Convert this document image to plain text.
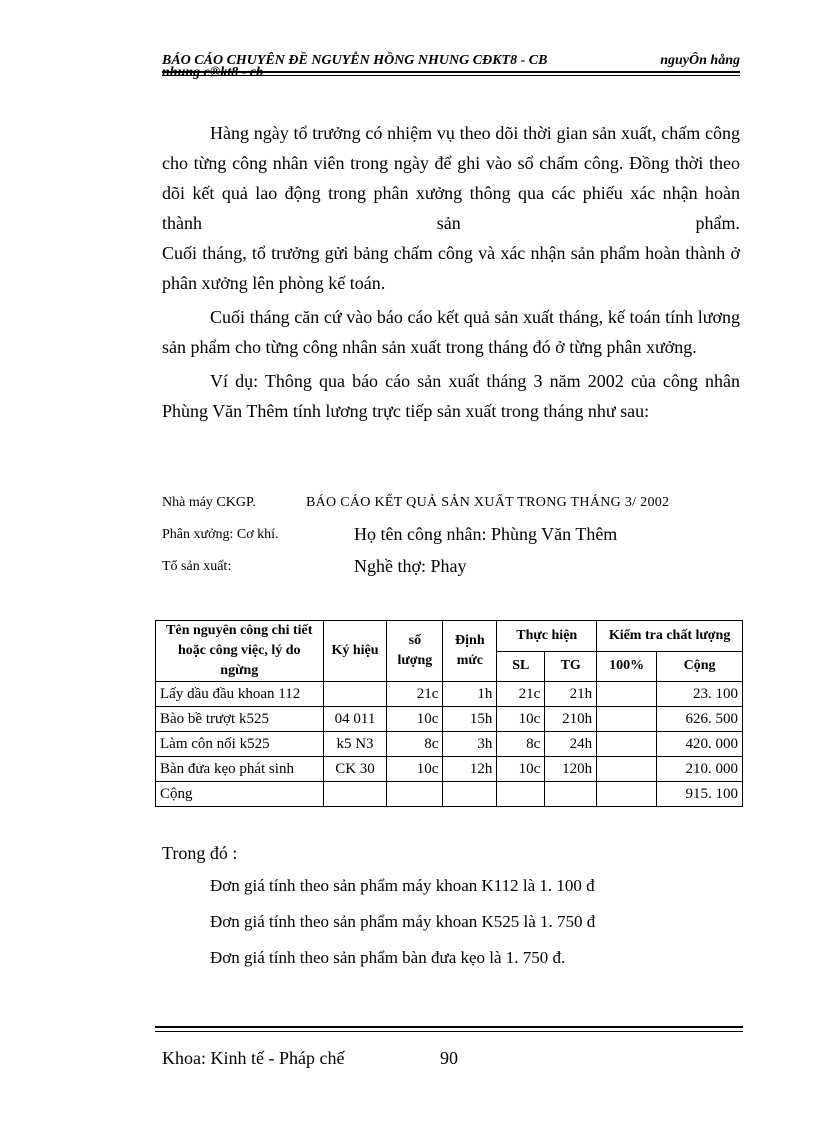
BÁO CÁO CHUYÊN ĐỀ NGUYỄN HỒNG NHUNG CĐKT8 - CB	nguyÔn hång
nhung c®kt8 - cb

Hàng ngày tổ trưởng có nhiệm vụ theo dõi thời gian sản xuất, chấm công cho từng công nhân viên trong ngày để ghi vào sổ chấm công. Đồng thời theo dõi kết quả lao động trong phân xưởng thông qua các phiếu xác nhận hoàn thành sản phẩm.

Cuối tháng, tổ trưởng gửi bảng chấm công và xác nhận sản phẩm hoàn thành ở phân xưởng lên phòng kế toán.

Cuối tháng căn cứ vào báo cáo kết quả sản xuất tháng, kế toán tính lương sản phẩm cho từng công nhân sản xuất trong tháng đó ở từng phân xưởng.

Ví dụ: Thông qua báo cáo sản xuất tháng 3 năm 2002 của công nhân Phùng Văn Thêm tính lương trực tiếp sản xuất trong tháng như sau:

Nhà máy CKGP.	BÁO CÁO KẾT QUẢ SẢN XUẤT TRONG THÁNG 3/ 2002
Phân xưởng: Cơ khí.	Họ tên công nhân: Phùng Văn Thêm
Tổ sản xuất:	Nghề thợ: Phay
Tên nguyên công chi tiết hoặc công việc, lý do ngừng	Ký hiệu	số lượng	Định mức	Thực hiện		Kiểm tra chất lượng	
				SL	TG	100%	Cộng
Lấy dầu đầu khoan 112		21c	1h	21c	21h		23. 100
Bào bề trượt k525	04 011	10c	15h	10c	210h		626. 500
Làm côn nối k525	k5 N3	8c	3h	8c	24h		420. 000
Bàn đưa kẹo phát sinh	CK 30	10c	12h	10c	120h		210. 000
Cộng							915. 100

Trong đó :

Đơn giá tính theo sản phẩm máy khoan K112 là 1. 100 đ

Đơn giá tính theo sản phẩm máy khoan K525 là 1. 750 đ

Đơn giá tính theo sản phẩm bàn đưa kẹo là 1. 750 đ.

Khoa: Kinh tế - Pháp chế	90
